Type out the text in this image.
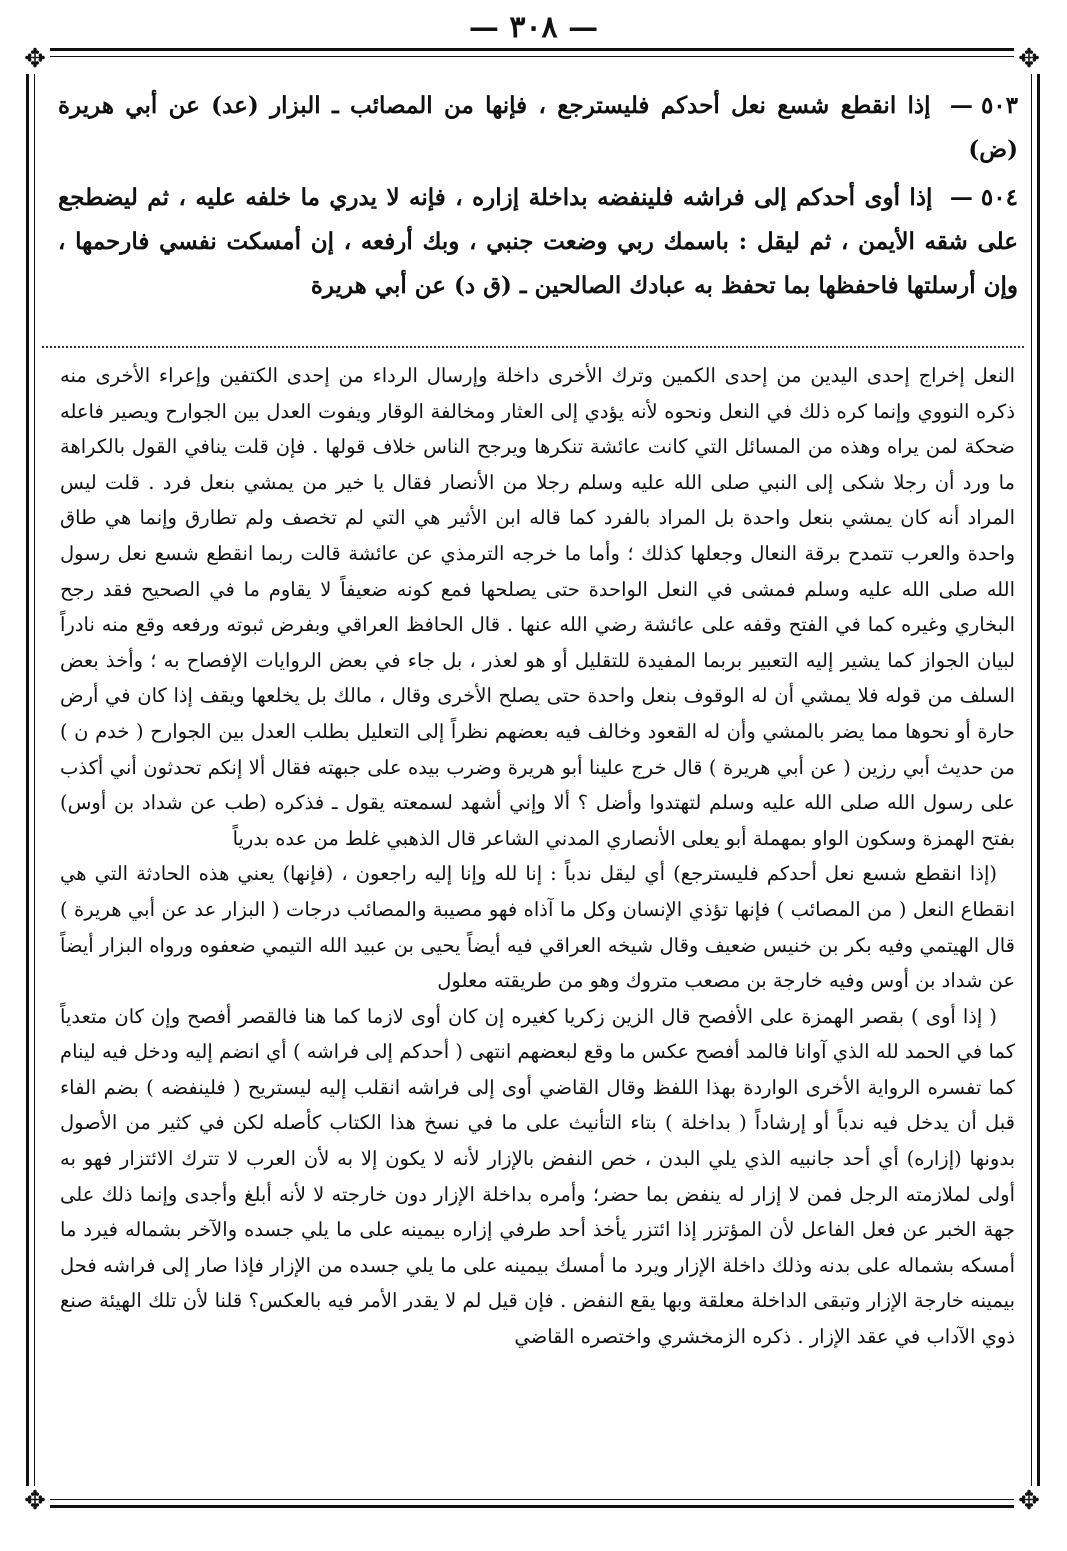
— ٣٠٨ —
✥	✥
✥	✥

٥٠٣ — إذا انقطع شسع نعل أحدكم فليسترجع ، فإنها من المصائب ـ البزار (عد) عن أبي هريرة (ض)

٥٠٤ — إذا أوى أحدكم إلى فراشه فلينفضه بداخلة إزاره ، فإنه لا يدري ما خلفه عليه ، ثم ليضطجع على شقه الأيمن ، ثم ليقل : باسمك ربي وضعت جنبي ، وبك أرفعه ، إن أمسكت نفسي فارحمها ، وإن أرسلتها فاحفظها بما تحفظ به عبادك الصالحين ـ (ق د) عن أبي هريرة

النعل إخراج إحدى اليدين من إحدى الكمين وترك الأخرى داخلة وإرسال الرداء من إحدى الكتفين وإعراء الأخرى منه ذكره النووي وإنما كره ذلك في النعل ونحوه لأنه يؤدي إلى العثار ومخالفة الوقار ويفوت العدل بين الجوارح ويصير فاعله ضحكة لمن يراه وهذه من المسائل التي كانت عائشة تنكرها ويرجح الناس خلاف قولها . فإن قلت ينافي القول بالكراهة ما ورد أن رجلا شكى إلى النبي صلى الله عليه وسلم رجلا من الأنصار فقال يا خير من يمشي بنعل فرد . قلت ليس المراد أنه كان يمشي بنعل واحدة بل المراد بالفرد كما قاله ابن الأثير هي التي لم تخصف ولم تطارق وإنما هي طاق واحدة والعرب تتمدح برقة النعال وجعلها كذلك ؛ وأما ما خرجه الترمذي عن عائشة قالت ربما انقطع شسع نعل رسول الله صلى الله عليه وسلم فمشى في النعل الواحدة حتى يصلحها فمع كونه ضعيفاً لا يقاوم ما في الصحيح فقد رجح البخاري وغيره كما في الفتح وقفه على عائشة رضي الله عنها . قال الحافظ العراقي وبفرض ثبوته ورفعه وقع منه نادراً لبيان الجواز كما يشير إليه التعبير بربما المفيدة للتقليل أو هو لعذر ، بل جاء في بعض الروايات الإفصاح به ؛ وأخذ بعض السلف من قوله فلا يمشي أن له الوقوف بنعل واحدة حتى يصلح الأخرى وقال ، مالك بل يخلعها ويقف إذا كان في أرض حارة أو نحوها مما يضر بالمشي وأن له القعود وخالف فيه بعضهم نظراً إلى التعليل بطلب العدل بين الجوارح ( خدم ن ) من حديث أبي رزين ( عن أبي هريرة ) قال خرج علينا أبو هريرة وضرب بيده على جبهته فقال ألا إنكم تحدثون أني أكذب على رسول الله صلى الله عليه وسلم لتهتدوا وأضل ؟ ألا وإني أشهد لسمعته يقول ـ فذكره (طب عن شداد بن أوس) بفتح الهمزة وسكون الواو بمهملة أبو يعلى الأنصاري المدني الشاعر قال الذهبي غلط من عده بدرياً

(إذا انقطع شسع نعل أحدكم فليسترجع) أي ليقل ندباً : إنا لله وإنا إليه راجعون ، (فإنها) يعني هذه الحادثة التي هي انقطاع النعل ( من المصائب ) فإنها تؤذي الإنسان وكل ما آذاه فهو مصيبة والمصائب درجات ( البزار عد عن أبي هريرة ) قال الهيتمي وفيه بكر بن خنيس ضعيف وقال شيخه العراقي فيه أيضاً يحيى بن عبيد الله التيمي ضعفوه ورواه البزار أيضاً عن شداد بن أوس وفيه خارجة بن مصعب متروك وهو من طريقته معلول

( إذا أوى ) بقصر الهمزة على الأفصح قال الزين زكريا كغيره إن كان أوى لازما كما هنا فالقصر أفصح وإن كان متعدياً كما في الحمد لله الذي آوانا فالمد أفصح عكس ما وقع لبعضهم انتهى ( أحدكم إلى فراشه ) أي انضم إليه ودخل فيه لينام كما تفسره الرواية الأخرى الواردة بهذا اللفظ وقال القاضي أوى إلى فراشه انقلب إليه ليستريح ( فلينفضه ) بضم الفاء قبل أن يدخل فيه ندباً أو إرشاداً ( بداخلة ) بتاء التأنيث على ما في نسخ هذا الكتاب كأصله لكن في كثير من الأصول بدونها (إزاره) أي أحد جانبيه الذي يلي البدن ، خص النفض بالإزار لأنه لا يكون إلا به لأن العرب لا تترك الائتزار فهو به أولى لملازمته الرجل فمن لا إزار له ينفض بما حضر؛ وأمره بداخلة الإزار دون خارجته لا لأنه أبلغ وأجدى وإنما ذلك على جهة الخبر عن فعل الفاعل لأن المؤتزر إذا ائتزر يأخذ أحد طرفي إزاره بيمينه على ما يلي جسده والآخر بشماله فيرد ما أمسكه بشماله على بدنه وذلك داخلة الإزار ويرد ما أمسك بيمينه على ما يلي جسده من الإزار فإذا صار إلى فراشه فحل بيمينه خارجة الإزار وتبقى الداخلة معلقة وبها يقع النفض . فإن قيل لم لا يقدر الأمر فيه بالعكس؟ قلنا لأن تلك الهيئة صنع ذوي الآداب في عقد الإزار . ذكره الزمخشري واختصره القاضي
